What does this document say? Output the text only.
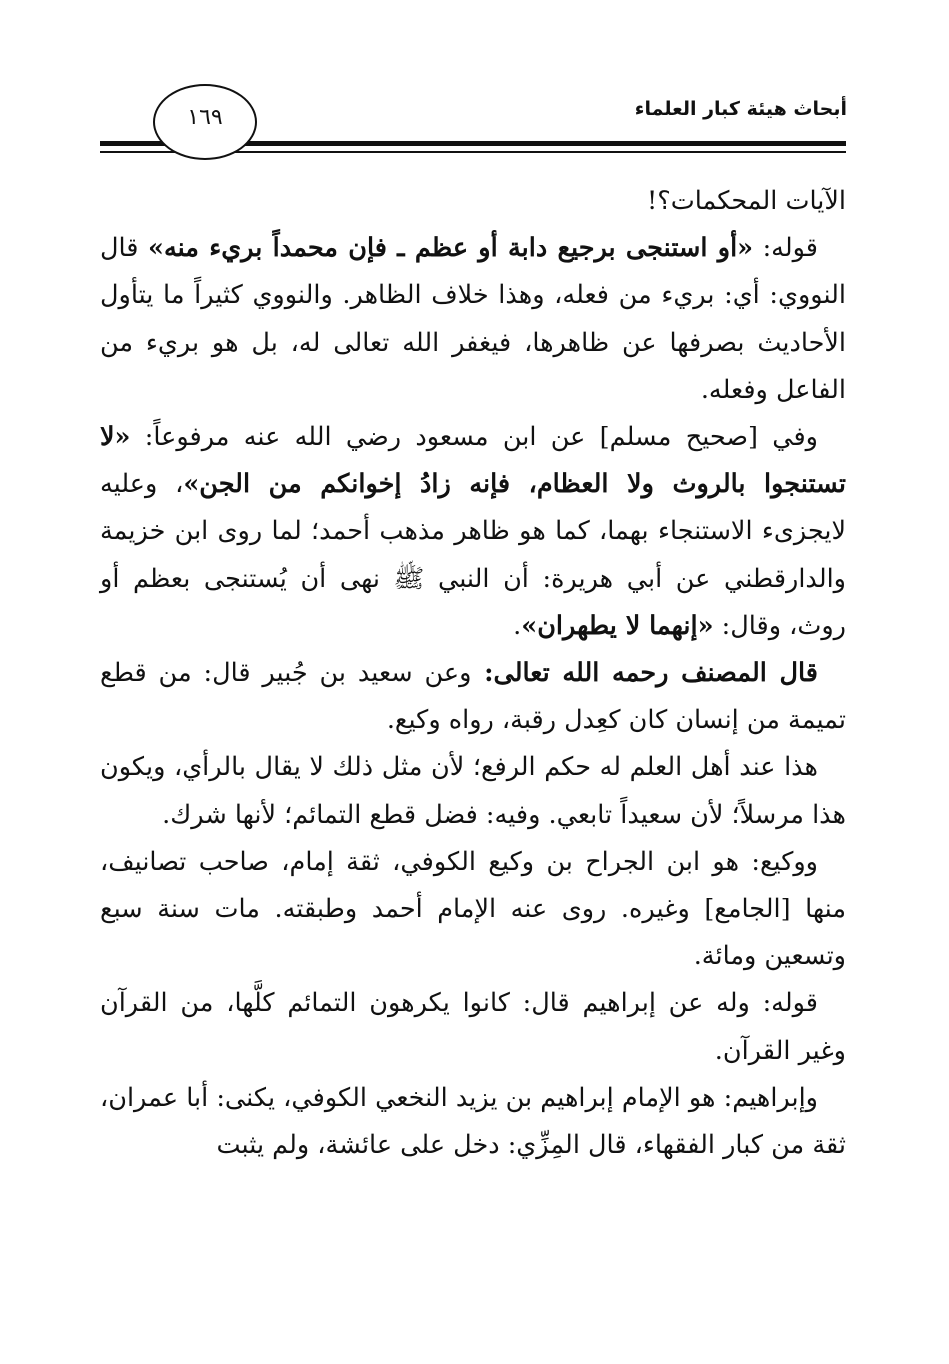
أبحاث هيئة كبار العلماء
١٦٩

الآيات المحكمات؟!

قوله: «أو استنجى برجيع دابة أو عظم ـ فإن محمداً بريء منه» قال النووي: أي: بريء من فعله، وهذا خلاف الظاهر. والنووي كثيراً ما يتأول الأحاديث بصرفها عن ظاهرها، فيغفر الله تعالى له، بل هو بريء من الفاعل وفعله.

وفي [صحيح مسلم] عن ابن مسعود رضي الله عنه مرفوعاً: «لا تستنجوا بالروث ولا العظام، فإنه زادُ إخوانكم من الجن»، وعليه لايجزىء الاستنجاء بهما، كما هو ظاهر مذهب أحمد؛ لما روى ابن خزيمة والدارقطني عن أبي هريرة: أن النبي ﷺ نهى أن يُستنجى بعظم أو روث، وقال: «إنهما لا يطهران».

قال المصنف رحمه الله تعالى: وعن سعيد بن جُبير قال: من قطع تميمة من إنسان كان كعِدل رقبة، رواه وكيع.

هذا عند أهل العلم له حكم الرفع؛ لأن مثل ذلك لا يقال بالرأي، ويكون هذا مرسلاً؛ لأن سعيداً تابعي. وفيه: فضل قطع التمائم؛ لأنها شرك.

ووكيع: هو ابن الجراح بن وكيع الكوفي، ثقة إمام، صاحب تصانيف، منها [الجامع] وغيره. روى عنه الإمام أحمد وطبقته. مات سنة سبع وتسعين ومائة.

قوله: وله عن إبراهيم قال: كانوا يكرهون التمائم كلَّها، من القرآن وغير القرآن.

وإبراهيم: هو الإمام إبراهيم بن يزيد النخعي الكوفي، يكنى: أبا عمران، ثقة من كبار الفقهاء، قال المِزِّي: دخل على عائشة، ولم يثبت
